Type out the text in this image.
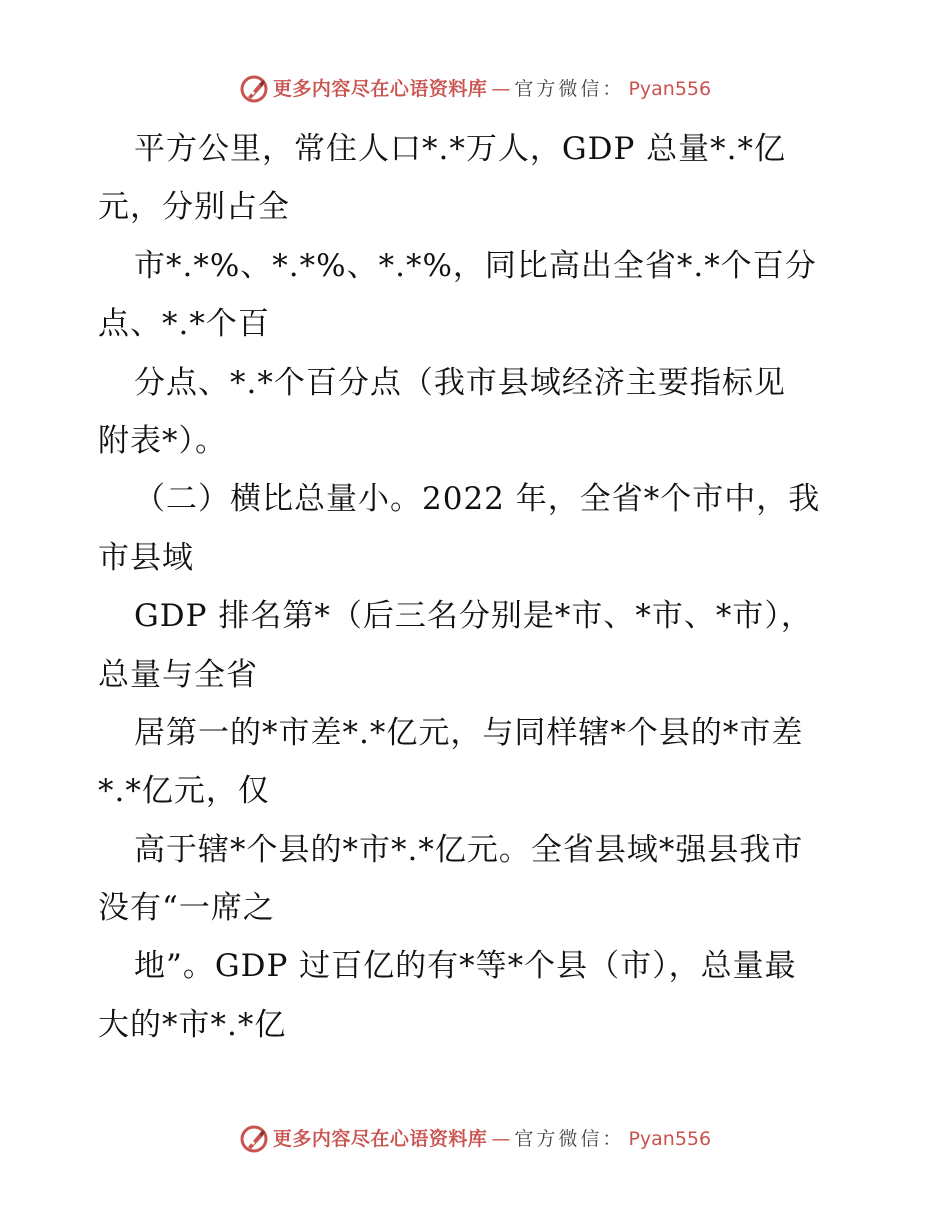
更多内容尽在心语资料库 — 官方微信： Pyan556
平方公里，常住人口*.*万人，GDP 总量*.*亿
元，分别占全
市*.*%、*.*%、*.*%，同比高出全省*.*个百分
点、*.*个百
分点、*.*个百分点（我市县域经济主要指标见
附表*）。
（二）横比总量小。2022 年，全省*个市中，我
市县域
GDP 排名第*（后三名分别是*市、*市、*市），
总量与全省
居第一的*市差*.*亿元，与同样辖*个县的*市差
*.*亿元，仅
高于辖*个县的*市*.*亿元。全省县域*强县我市
没有“一席之
地”。GDP 过百亿的有*等*个县（市），总量最
大的*市*.*亿
更多内容尽在心语资料库 — 官方微信： Pyan556
